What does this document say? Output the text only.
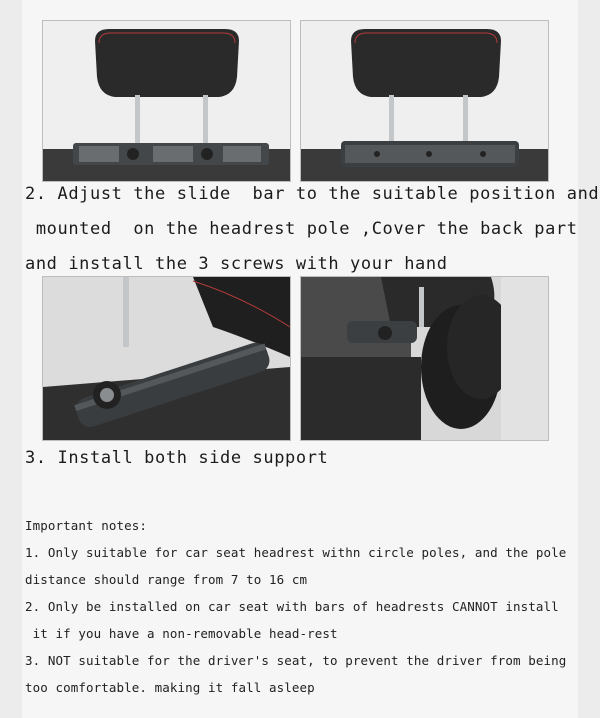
2. Adjust the slide  bar to the suitable position and
mounted  on the headrest pole ,Cover the back part
and install the 3 screws with your hand
3. Install both side support
Important notes:
1. Only suitable for car seat headrest withn circle poles, and the pole
distance should range from 7 to 16 cm
2. Only be installed on car seat with bars of headrests CANNOT install
it if you have a non-removable head-rest
3. NOT suitable for the driver's seat, to prevent the driver from being
too comfortable. making it fall asleep
